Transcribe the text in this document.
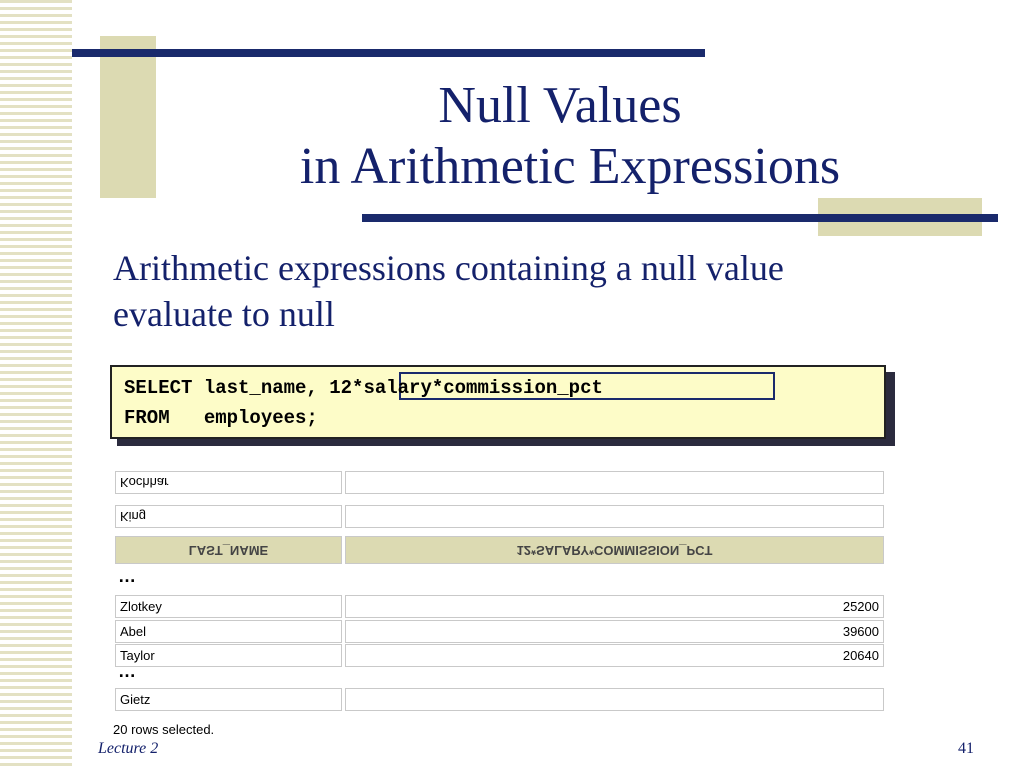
Null Values
in Arithmetic Expressions
Arithmetic expressions containing a null value
evaluate to null
SELECT last_name, 12*salary*commission_pct
FROM   employees;
Kochhar
King
LAST_NAME	12*SALARY*COMMISSION_PCT
…
Zlotkey	25200
Abel	39600
Taylor	20640
…
Gietz
20 rows selected.
Lecture 2	41
